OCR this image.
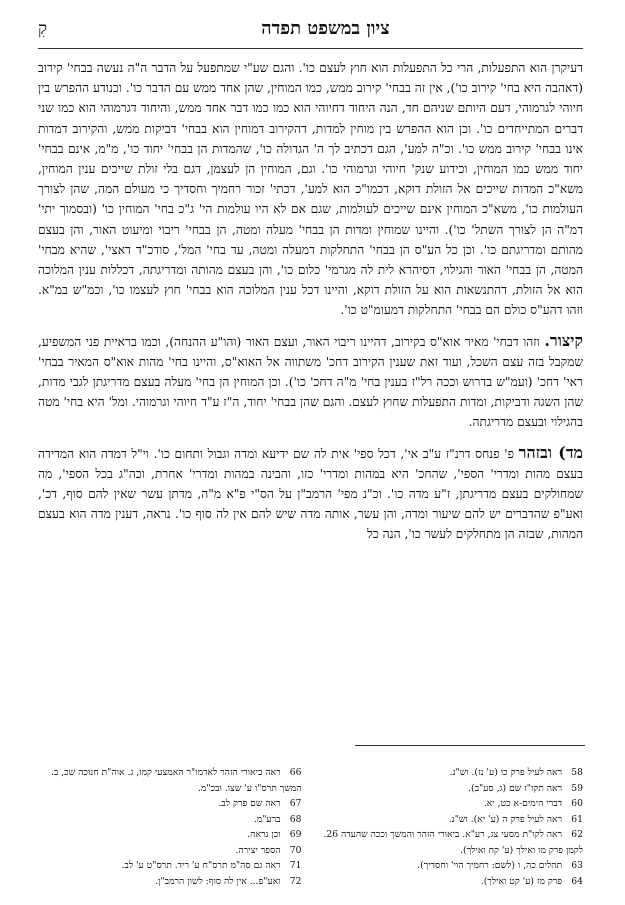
ציון במשפט תפדה
קִ

דעיקרן הוא התפעלות, הרי כל התפעלות הוא חוץ לעצם כו'. והגם שע"י שמתפעל על הדבר ה"ה נעשה בבחי' קירוב (דאהבה היא בחי' קירוב כו'), אין זה בבחי' קירוב ממש, כמו המוחין, שהן אחד ממש עם הדבר כו'. וכנודע ההפרש בין חיוהי לגרמוהי, דעם היותם שניהם חד, הנה היחוד דחיוהי הוא כמו כמו דבר אחד ממש, והיחוד דגרמוהי הוא כמו שני דברים המתייחדים כו'. וכן הוא ההפרש בין מוחין למדות, דהקירוב דמוחין הוא בבחי' דביקות ממש, והקירוב דמדות אינו בבחי' קירוב ממש כו'. וכ"ה למע', הגם דכתיב לך ה' הגדולה כו', שהמדות הן בבחי' יחוד כו', מ"מ, אינם בבחי' יחוד ממש כמו המוחין, וכידוע שנק' חיוהי וגרמוהי כו'. וגם, המוחין הן לעצמן, דגם בלי זולת שייכים ענין המוחין, משא"כ המדות שייכים אל הזולת דוקא, דכמו"כ הוא למע', דכתי' זכור רחמיך וחסדיך כי מעולם המה, שהן לצורך העולמות כו', משא"כ המוחין אינם שייכים לעולמות, שגם אם לא היו עולמות הי' ג"כ בחי' המוחין כו' (ובסמוך יתי' דמ"ה הן לצורך השתל' כו'). והיינו שמוחין ומדות הן בבחי' מעלה ומטה, הן בבחי' ריבוי ומיעוט האור, והן בעצם מהותם ומדריגתם כו'. וכן כל הע"ס הן בבחי' התחלקות דמעלה ומטה, עד בחי' המל', סודכ"ד דאצי', שהיא מבחי' המטה, הן בבחי' האור והגילוי, דסיהרא לית לה מגרמי' כלום כו', והן בעצם מהותה ומדריגתה, דכללות ענין המלוכה הוא אל הזולת, דהתנשאות הוא על הזולת דוקא, והיינו דכל ענין המלוכה הוא בבחי' חוץ לעצמו כו', וכמ"ש במ"א. וזהו דהע"ס כולם הם בבחי' התחלקות דמעומ"ט כו'.

קיצור. וזהו דבחי' מאיר אוא"ס בקירוב, דהיינו ריבוי האור, ועצם האור (והו"ע ההנחה), וכמו בראיית פני המשפיע, שמקבל בזה עצם השכל, ועוד זאת שענין הקירוב דחכ' משתווה אל האוא"ס, והיינו בחי' מהות אוא"ס המאיר בבחי' ראי' דחכ' (ועמ"ש בדרוש וככה רל"ז בענין בחי' מ"ה דחכ' כו'). וכן המוחין הן בחי' מעלה בעצם מדריגתן לגבי מדות, שהן השגה ודביקות, ומדות התפעלות שחוץ לעצם. והגם שהן בבחי' יחוד, ה"ז ע"ד חיוהי וגרמוהי. ומל' היא בחי' מטה בהגילוי ובעצם מדריגתה.

מד) ובזהר פ' פנחס דרנ"ז ע"ב אי', דכל ספי' אית לה שם ידיעא ומדה וגבול ותחום כו'. וי"ל דמדה הוא המדידה בעצם מהות ומדרי' הספי', שהחכ' היא במהות ומדרי' כזו, והבינה במהות ומדרי' אחרת, וכה"ג בכל הספי', מה שמחולקים בעצם מדריגתן, ז"ע מדה כו'. וכ"נ מפי' הרמב"ן על הס"י פ"א מ"ה, מדתן עשר שאין להם סוף, דכ', ואע"פ שהדברים יש להם שיעור ומדה, והן עשר, אותה מדה שיש להם אין לה סוף כו'. נראה, דענין מדה הוא בעצם המהות, שבזה הן מתחלקים לעשר כו', הנה כל

58 ראה לעיל פרק כו (ע' נז). וש"נ.
59 ראה תקו"ז שם (ג, סע"ב).
60 דברי הימים-א כט, יא.
61 ראה לעיל פרק ה (ע' יא). וש"נ.
62 ראה לקו"ת מסעי צג, רע"א. ביאורי הזהר והמשך וככה שהעדה 26. לקמן פרק מו ואילך (ע' קח ואילך).
63 תהלים כה, ו (לשם: רחמיך הוי' וחסדיך).
64 פרק מז (ע' קט ואילך).
66 ראה ביאורי הזהר לאדמו"ר האמצעי קמו, ג. אוה"ת חנוכה שכ, ב. המשך תרס"ו ע' שצו. ובכ"מ.
67 ראה שם פרק לב.
68 ברע"מ.
69 וכן נראה.
70 הספר יצירה.
71 ראה גם סה"מ תרס"ח ע' ריד. תרס"ט ע' לב.
72 ואע"פ... אין לה סוף: לשון הרמב"ן.
